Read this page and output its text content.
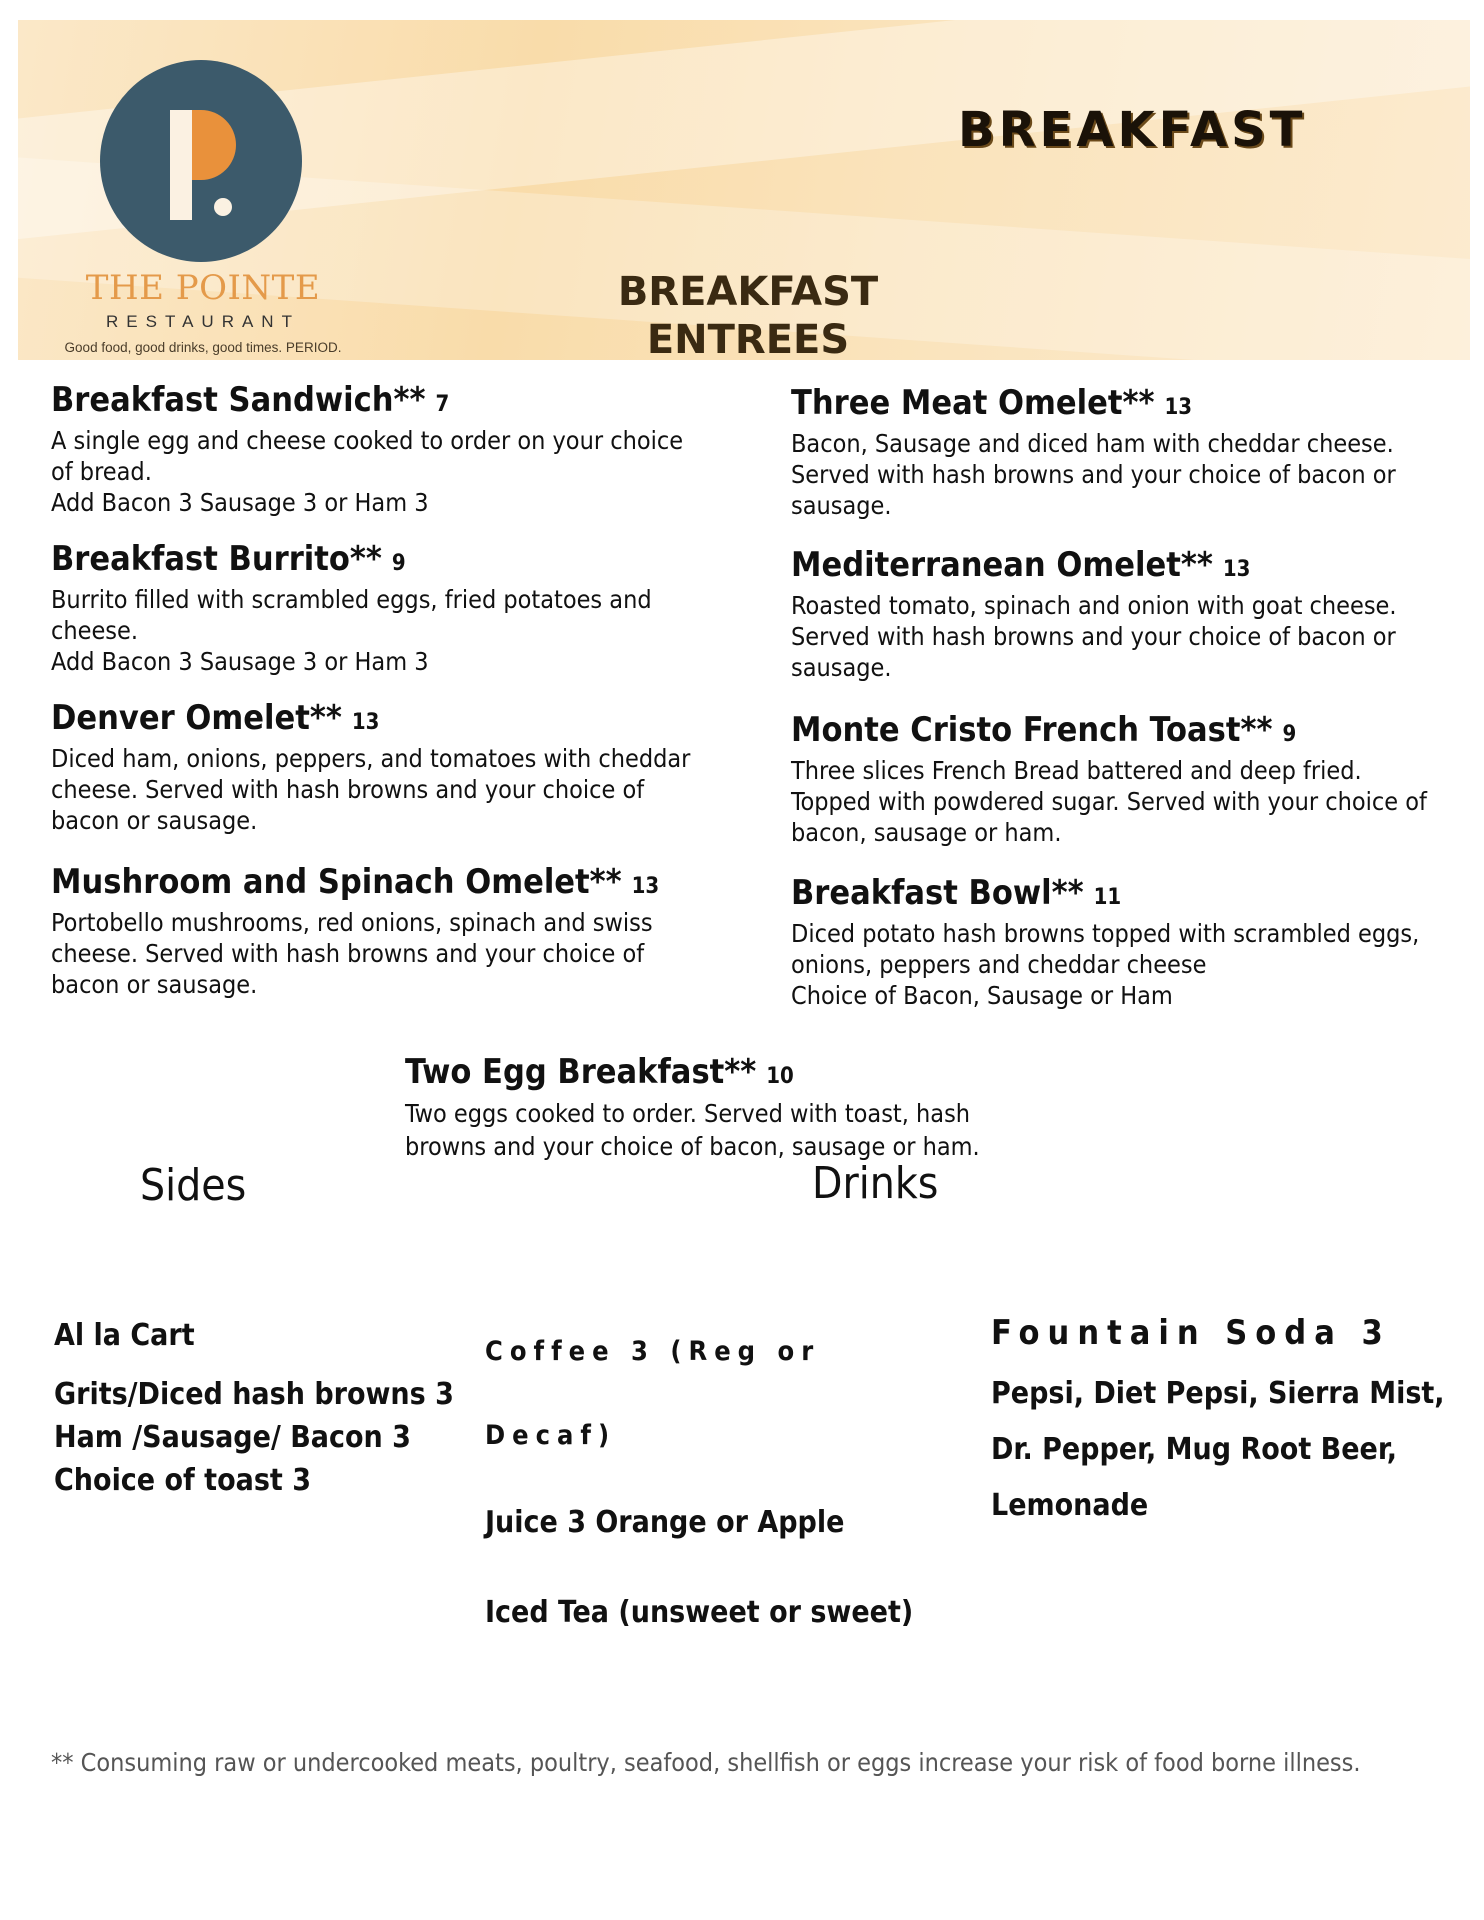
THE POINTE
RESTAURANT
Good food, good drinks, good times. PERIOD.
BREAKFAST
BREAKFAST
ENTREES
Breakfast Sandwich** 7
A single egg and cheese cooked to order on your choice
of bread.
Add Bacon 3 Sausage 3 or Ham 3
Breakfast Burrito** 9
Burrito filled with scrambled eggs, fried potatoes and
cheese.
Add Bacon 3 Sausage 3 or Ham 3
Denver Omelet** 13
Diced ham, onions, peppers, and tomatoes with cheddar
cheese. Served with hash browns and your choice of
bacon or sausage.
Mushroom and Spinach Omelet** 13
Portobello mushrooms, red onions, spinach and swiss
cheese. Served with hash browns and your choice of
bacon or sausage.
Three Meat Omelet** 13
Bacon, Sausage and diced ham with cheddar cheese.
Served with hash browns and your choice of bacon or
sausage.
Mediterranean Omelet** 13
Roasted tomato, spinach and onion with goat cheese.
Served with hash browns and your choice of bacon or
sausage.
Monte Cristo French Toast** 9
Three slices French Bread battered and deep fried.
Topped with powdered sugar. Served with your choice of
bacon, sausage or ham.
Breakfast Bowl** 11
Diced potato hash browns topped with scrambled eggs,
onions, peppers and cheddar cheese
Choice of Bacon, Sausage or Ham
Two Egg Breakfast** 10
Two eggs cooked to order. Served with toast, hash
browns and your choice of bacon, sausage or ham.
Sides	Drinks
Al la Cart
Grits/Diced hash browns 3
Ham /Sausage/ Bacon 3
Choice of toast 3
Coffee 3 (Reg or
Decaf)
Juice 3 Orange or Apple
Iced Tea (unsweet or sweet)
Fountain Soda 3
Pepsi, Diet Pepsi, Sierra Mist,
Dr. Pepper, Mug Root Beer,
Lemonade
** Consuming raw or undercooked meats, poultry, seafood, shellfish or eggs increase your risk of food borne illness.
